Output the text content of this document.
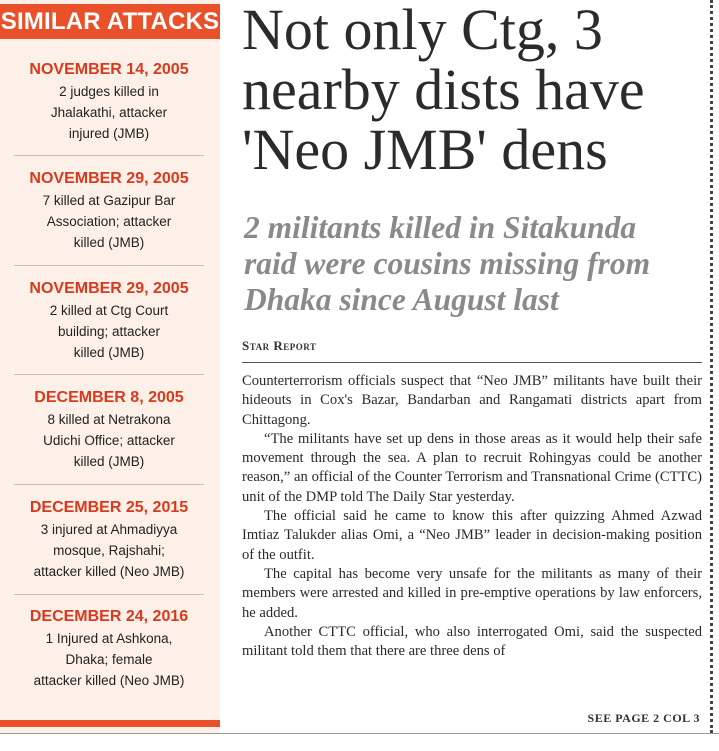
SIMILAR ATTACKS
NOVEMBER 14, 2005
2 judges killed in
Jhalakathi, attacker
injured (JMB)
NOVEMBER 29, 2005
7 killed at Gazipur Bar
Association; attacker
killed (JMB)
NOVEMBER 29, 2005
2 killed at Ctg Court
building; attacker
killed (JMB)
DECEMBER 8, 2005
8 killed at Netrakona
Udichi Office; attacker
killed (JMB)
DECEMBER 25, 2015
3 injured at Ahmadiyya
mosque, Rajshahi;
attacker killed (Neo JMB)
DECEMBER 24, 2016
1 Injured at Ashkona,
Dhaka; female
attacker killed (Neo JMB)
Not only Ctg, 3
nearby dists have
'Neo JMB' dens
2 militants killed in Sitakunda
raid were cousins missing from
Dhaka since August last
Star Report

Counterterrorism officials suspect that “Neo JMB” militants have built their hideouts in Cox's Bazar, Bandarban and Rangamati districts apart from Chittagong.

“The militants have set up dens in those areas as it would help their safe movement through the sea. A plan to recruit Rohingyas could be another reason,” an official of the Counter Terrorism and Transnational Crime (CTTC) unit of the DMP told The Daily Star yesterday.

The official said he came to know this after quizzing Ahmed Azwad Imtiaz Talukder alias Omi, a “Neo JMB” leader in decision-making position of the outfit.

The capital has become very unsafe for the militants as many of their members were arrested and killed in pre-emptive operations by law enforcers, he added.

Another CTTC official, who also interrogated Omi, said the suspected militant told them that there are three dens of

SEE PAGE 2 COL 3
